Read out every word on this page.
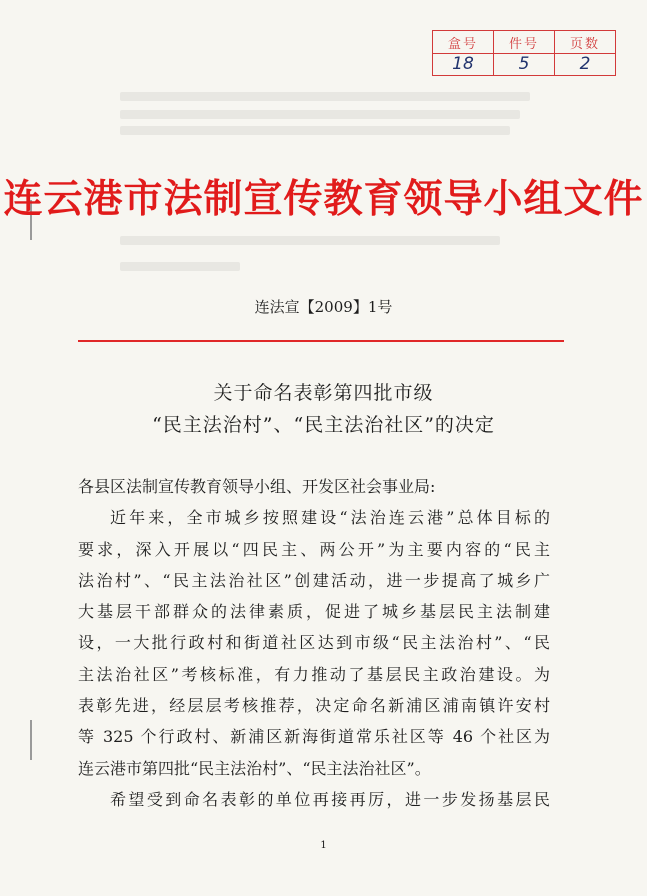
盒号	件号	页数
18	5	2
连云港市法制宣传教育领导小组文件
连法宣【2009】1号
关于命名表彰第四批市级
“民主法治村”、“民主法治社区”的决定

各县区法制宣传教育领导小组、开发区社会事业局:

近年来，全市城乡按照建设“法治连云港”总体目标的

要求，深入开展以“四民主、两公开”为主要内容的“民主

法治村”、“民主法治社区”创建活动，进一步提高了城乡广

大基层干部群众的法律素质，促进了城乡基层民主法制建

设，一大批行政村和街道社区达到市级“民主法治村”、“民

主法治社区”考核标准，有力推动了基层民主政治建设。为

表彰先进，经层层考核推荐，决定命名新浦区浦南镇许安村

等 325 个行政村、新浦区新海街道常乐社区等 46 个社区为

连云港市第四批“民主法治村”、“民主法治社区”。

希望受到命名表彰的单位再接再厉，进一步发扬基层民

1
